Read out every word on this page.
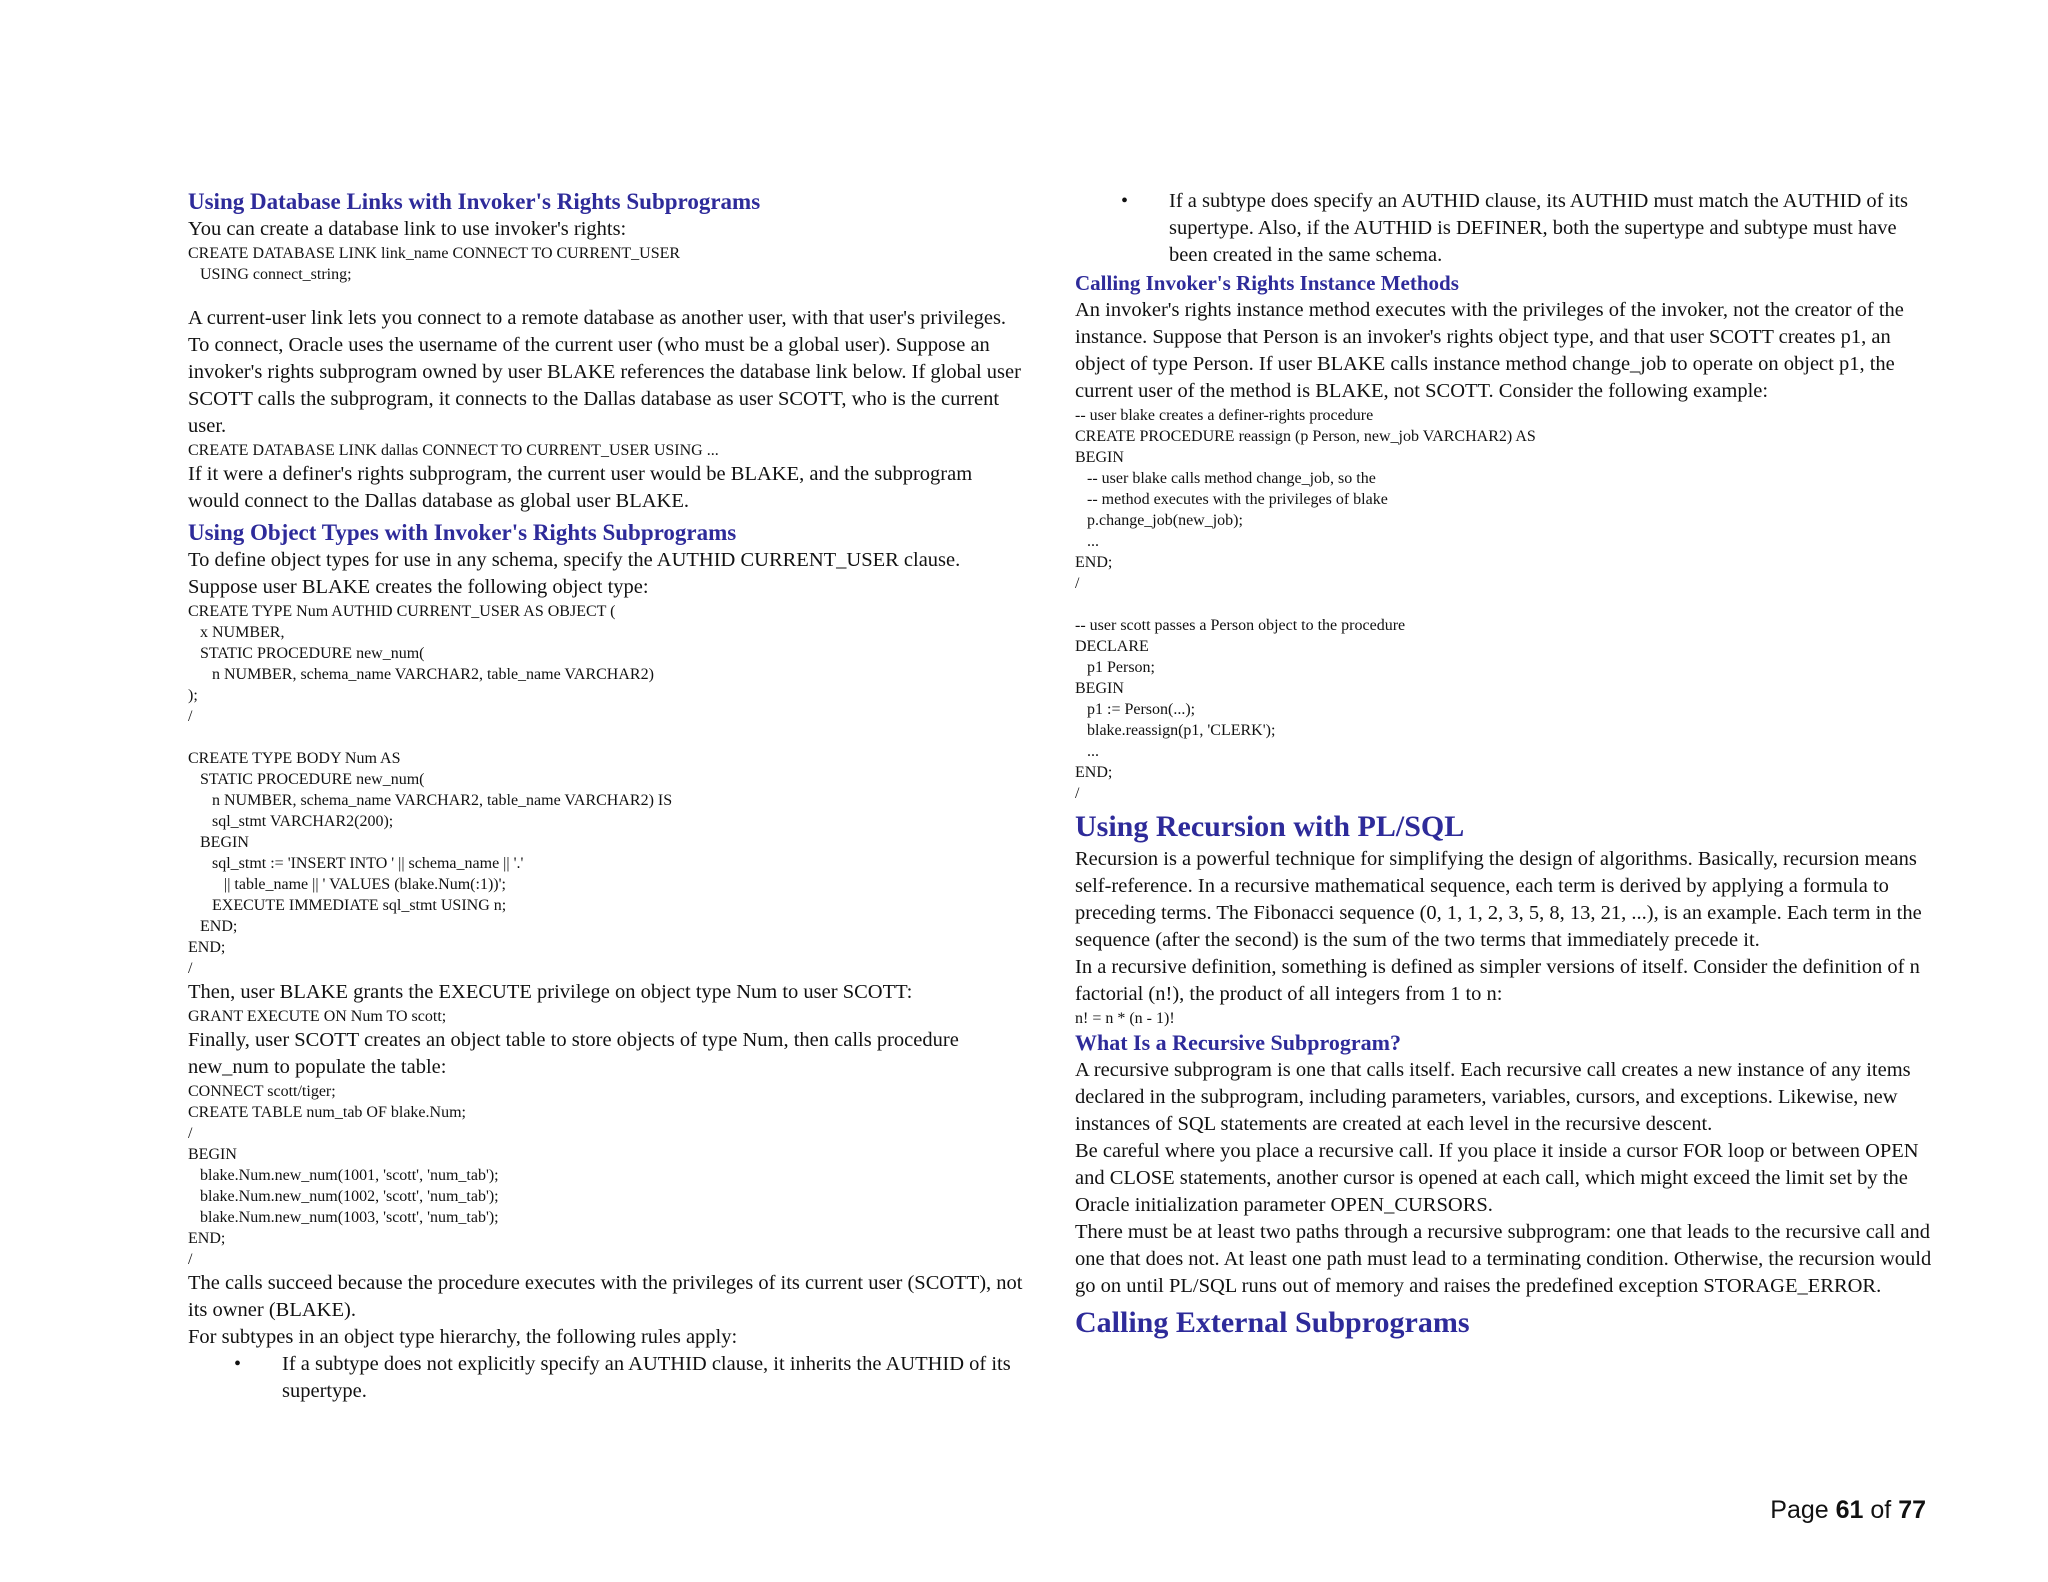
Using Database Links with Invoker's Rights Subprograms

You can create a database link to use invoker's rights:

CREATE DATABASE LINK link_name CONNECT TO CURRENT_USER
USING connect_string;

A current-user link lets you connect to a remote database as another user, with that user's privileges. To connect, Oracle uses the username of the current user (who must be a global user). Suppose an invoker's rights subprogram owned by user BLAKE references the database link below. If global user SCOTT calls the subprogram, it connects to the Dallas database as user SCOTT, who is the current user.

CREATE DATABASE LINK dallas CONNECT TO CURRENT_USER USING ...

If it were a definer's rights subprogram, the current user would be BLAKE, and the subprogram would connect to the Dallas database as global user BLAKE.

Using Object Types with Invoker's Rights Subprograms

To define object types for use in any schema, specify the AUTHID CURRENT_USER clause. Suppose user BLAKE creates the following object type:

CREATE TYPE Num AUTHID CURRENT_USER AS OBJECT (
x NUMBER,
STATIC PROCEDURE new_num(
n NUMBER, schema_name VARCHAR2, table_name VARCHAR2)
);
/

CREATE TYPE BODY Num AS
STATIC PROCEDURE new_num(
n NUMBER, schema_name VARCHAR2, table_name VARCHAR2) IS
sql_stmt VARCHAR2(200);
BEGIN
sql_stmt := 'INSERT INTO ' || schema_name || '.'
|| table_name || ' VALUES (blake.Num(:1))';
EXECUTE IMMEDIATE sql_stmt USING n;
END;
END;
/

Then, user BLAKE grants the EXECUTE privilege on object type Num to user SCOTT:

GRANT EXECUTE ON Num TO scott;

Finally, user SCOTT creates an object table to store objects of type Num, then calls procedure new_num to populate the table:

CONNECT scott/tiger;
CREATE TABLE num_tab OF blake.Num;
/
BEGIN
blake.Num.new_num(1001, 'scott', 'num_tab');
blake.Num.new_num(1002, 'scott', 'num_tab');
blake.Num.new_num(1003, 'scott', 'num_tab');
END;
/

The calls succeed because the procedure executes with the privileges of its current user (SCOTT), not its owner (BLAKE).

For subtypes in an object type hierarchy, the following rules apply:

• If a subtype does not explicitly specify an AUTHID clause, it inherits the AUTHID of its supertype.
• If a subtype does specify an AUTHID clause, its AUTHID must match the AUTHID of its supertype. Also, if the AUTHID is DEFINER, both the supertype and subtype must have been created in the same schema.
Calling Invoker's Rights Instance Methods

An invoker's rights instance method executes with the privileges of the invoker, not the creator of the instance. Suppose that Person is an invoker's rights object type, and that user SCOTT creates p1, an object of type Person. If user BLAKE calls instance method change_job to operate on object p1, the current user of the method is BLAKE, not SCOTT. Consider the following example:

-- user blake creates a definer-rights procedure
CREATE PROCEDURE reassign (p Person, new_job VARCHAR2) AS
BEGIN
-- user blake calls method change_job, so the
-- method executes with the privileges of blake
p.change_job(new_job);
...
END;
/

-- user scott passes a Person object to the procedure
DECLARE
p1 Person;
BEGIN
p1 := Person(...);
blake.reassign(p1, 'CLERK');
...
END;
/
Using Recursion with PL/SQL

Recursion is a powerful technique for simplifying the design of algorithms. Basically, recursion means self-reference. In a recursive mathematical sequence, each term is derived by applying a formula to preceding terms. The Fibonacci sequence (0, 1, 1, 2, 3, 5, 8, 13, 21, ...), is an example. Each term in the sequence (after the second) is the sum of the two terms that immediately precede it.

In a recursive definition, something is defined as simpler versions of itself. Consider the definition of n factorial (n!), the product of all integers from 1 to n:

n! = n * (n - 1)!
What Is a Recursive Subprogram?

A recursive subprogram is one that calls itself. Each recursive call creates a new instance of any items declared in the subprogram, including parameters, variables, cursors, and exceptions. Likewise, new instances of SQL statements are created at each level in the recursive descent.

Be careful where you place a recursive call. If you place it inside a cursor FOR loop or between OPEN and CLOSE statements, another cursor is opened at each call, which might exceed the limit set by the Oracle initialization parameter OPEN_CURSORS.

There must be at least two paths through a recursive subprogram: one that leads to the recursive call and one that does not. At least one path must lead to a terminating condition. Otherwise, the recursion would go on until PL/SQL runs out of memory and raises the predefined exception STORAGE_ERROR.

Calling External Subprograms
Page 61 of 77
